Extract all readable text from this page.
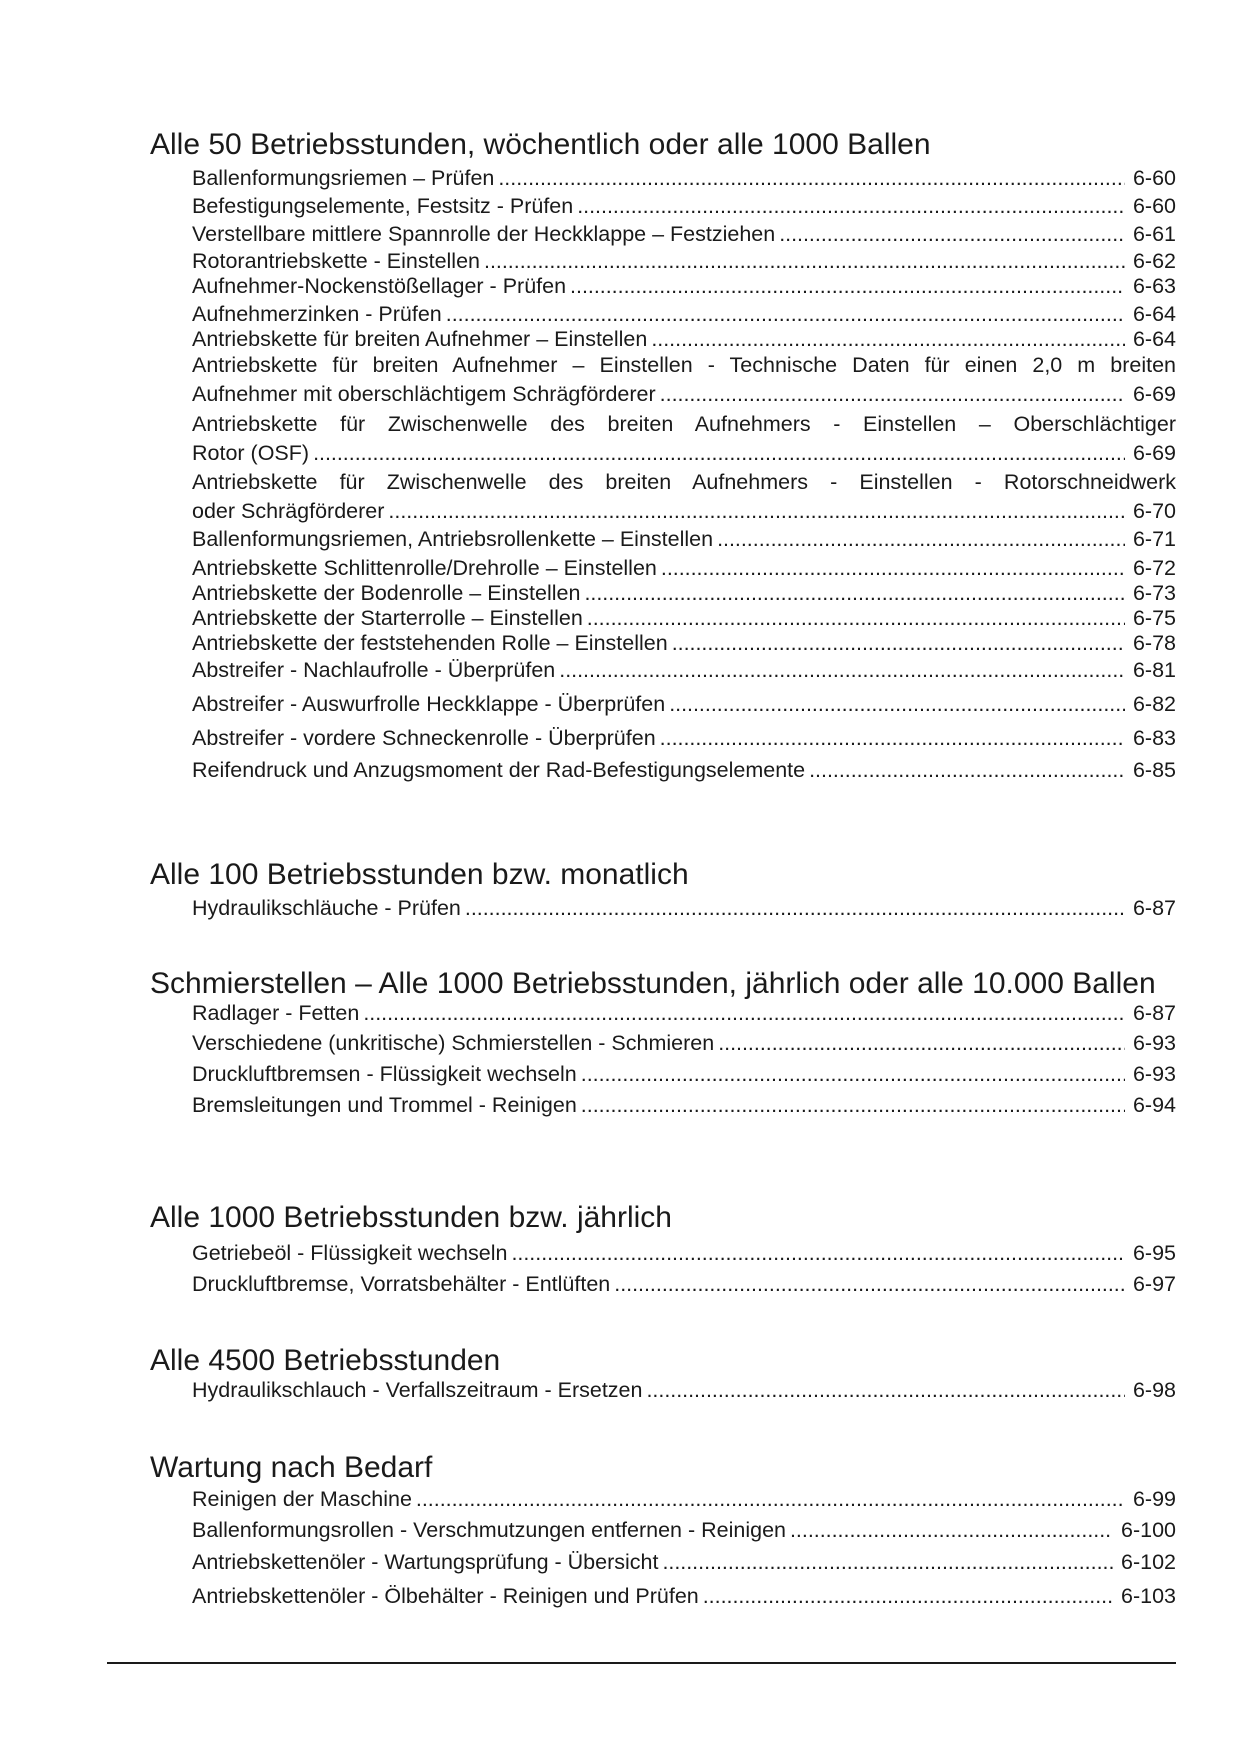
Alle 50 Betriebsstunden, wöchentlich oder alle 1000 Ballen
Ballenformungsriemen – Prüfen . . .	6-60
Befestigungselemente, Festsitz - Prüfen . . .	6-60
Verstellbare mittlere Spannrolle der Heckklappe – Festziehen . . .	6-61
Rotorantriebskette - Einstellen . . .	6-62
Aufnehmer-Nockenstößellager - Prüfen . . .	6-63
Aufnehmerzinken - Prüfen . . .	6-64
Antriebskette für breiten Aufnehmer – Einstellen . . .	6-64
Antriebskette für breiten Aufnehmer – Einstellen - Technische Daten für einen 2,0 m breiten
Aufnehmer mit oberschlächtigem Schrägförderer . . .	6-69
Antriebskette für Zwischenwelle des breiten Aufnehmers - Einstellen – Oberschlächtiger
Rotor (OSF) . . .	6-69
Antriebskette für Zwischenwelle des breiten Aufnehmers - Einstellen - Rotorschneidwerk
oder Schrägförderer . . .	6-70
Ballenformungsriemen, Antriebsrollenkette – Einstellen . . .	6-71
Antriebskette Schlittenrolle/Drehrolle – Einstellen . . .	6-72
Antriebskette der Bodenrolle – Einstellen . . .	6-73
Antriebskette der Starterrolle – Einstellen . . .	6-75
Antriebskette der feststehenden Rolle – Einstellen . . .	6-78
Abstreifer - Nachlaufrolle - Überprüfen . . .	6-81
Abstreifer - Auswurfrolle Heckklappe - Überprüfen . . .	6-82
Abstreifer - vordere Schneckenrolle - Überprüfen . . .	6-83
Reifendruck und Anzugsmoment der Rad-Befestigungselemente . . .	6-85
Alle 100 Betriebsstunden bzw. monatlich
Hydraulikschläuche - Prüfen . . .	6-87
Schmierstellen – Alle 1000 Betriebsstunden, jährlich oder alle 10.000 Ballen
Radlager - Fetten . . .	6-87
Verschiedene (unkritische) Schmierstellen - Schmieren . . .	6-93
Druckluftbremsen - Flüssigkeit wechseln . . .	6-93
Bremsleitungen und Trommel - Reinigen . . .	6-94
Alle 1000 Betriebsstunden bzw. jährlich
Getriebeöl - Flüssigkeit wechseln . . .	6-95
Druckluftbremse, Vorratsbehälter - Entlüften . . .	6-97
Alle 4500 Betriebsstunden
Hydraulikschlauch - Verfallszeitraum - Ersetzen . . .	6-98
Wartung nach Bedarf
Reinigen der Maschine . . .	6-99
Ballenformungsrollen - Verschmutzungen entfernen - Reinigen . . .	6-100
Antriebskettenöler - Wartungsprüfung - Übersicht . . .	6-102
Antriebskettenöler - Ölbehälter - Reinigen und Prüfen . . .	6-103
